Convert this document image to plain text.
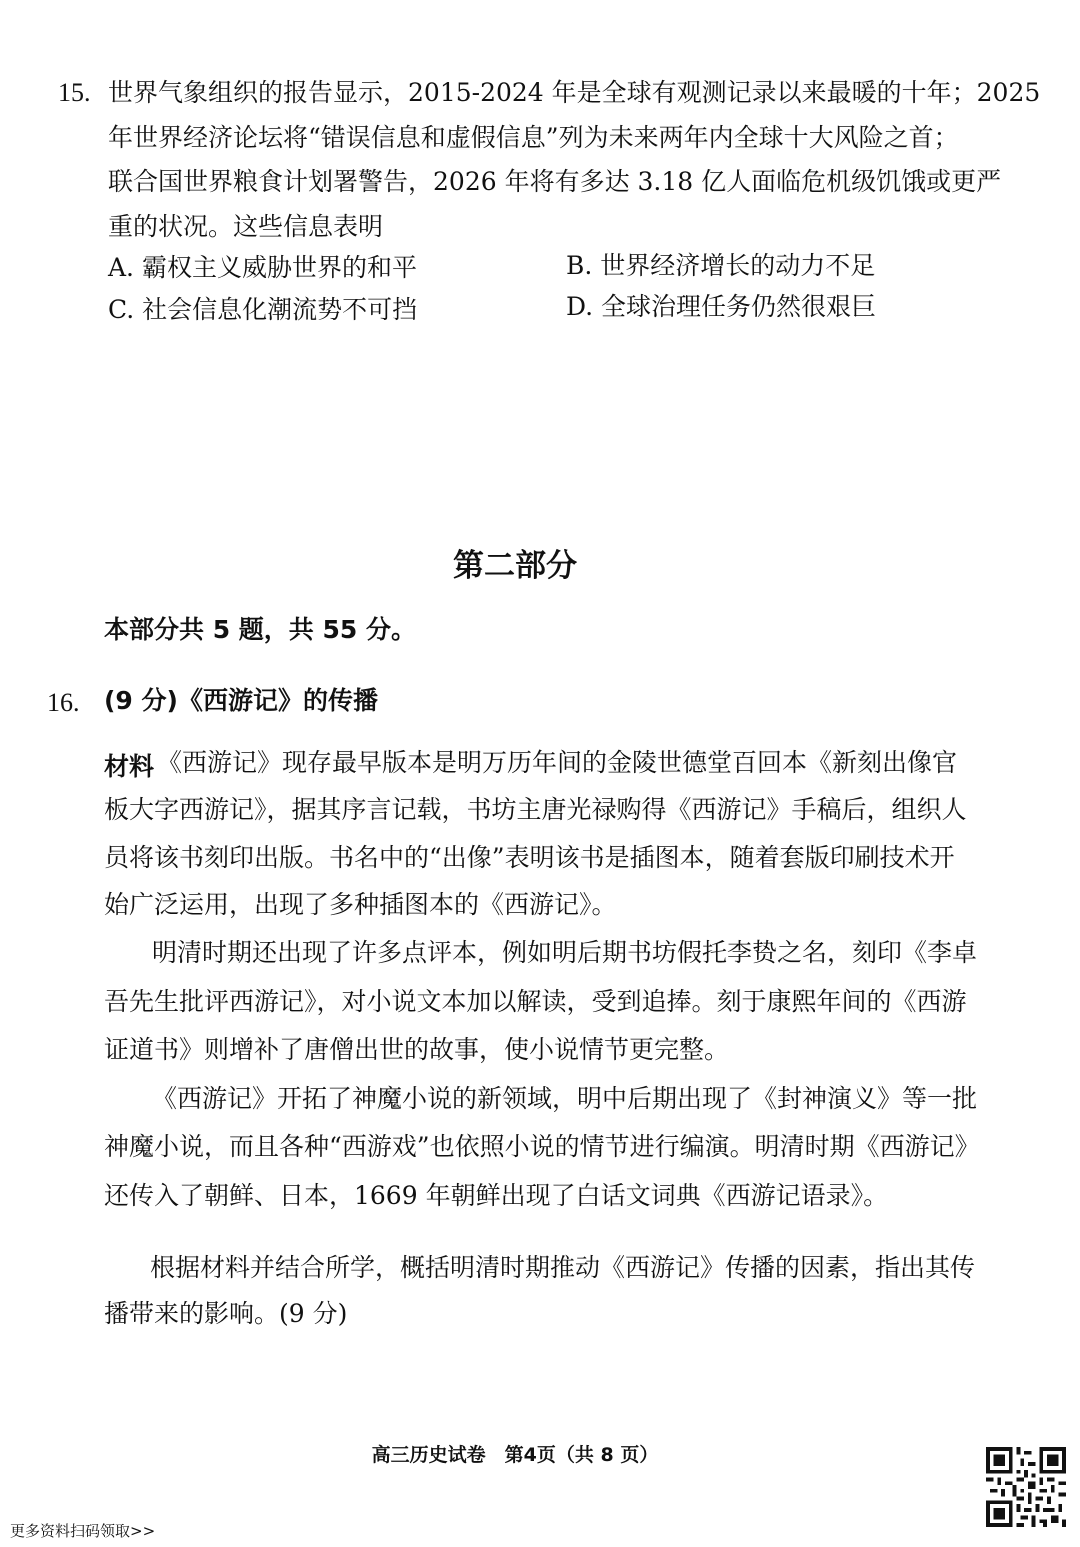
15. 世界气象组织的报告显示，2015-2024 年是全球有观测记录以来最暖的十年；2025
年世界经济论坛将“错误信息和虚假信息”列为未来两年内全球十大风险之首；
联合国世界粮食计划署警告，2026 年将有多达 3.18 亿人面临危机级饥饿或更严
重的状况。这些信息表明
A. 霸权主义威胁世界的和平	B. 世界经济增长的动力不足
C. 社会信息化潮流势不可挡	D. 全球治理任务仍然很艰巨
第二部分
本部分共 5 题，共 55 分。
16. (9 分)《西游记》的传播
材料 《西游记》现存最早版本是明万历年间的金陵世德堂百回本《新刻出像官
板大字西游记》，据其序言记载，书坊主唐光禄购得《西游记》手稿后，组织人
员将该书刻印出版。书名中的“出像”表明该书是插图本，随着套版印刷技术开
始广泛运用，出现了多种插图本的《西游记》。
明清时期还出现了许多点评本，例如明后期书坊假托李贽之名，刻印《李卓
吾先生批评西游记》，对小说文本加以解读，受到追捧。刻于康熙年间的《西游
证道书》则增补了唐僧出世的故事，使小说情节更完整。
《西游记》开拓了神魔小说的新领域，明中后期出现了《封神演义》等一批
神魔小说，而且各种“西游戏”也依照小说的情节进行编演。明清时期《西游记》
还传入了朝鲜、日本，1669 年朝鲜出现了白话文词典《西游记语录》。
根据材料并结合所学，概括明清时期推动《西游记》传播的因素，指出其传
播带来的影响。(9 分)
高三历史试卷　第4页（共 8 页）
更多资料扫码领取>>
